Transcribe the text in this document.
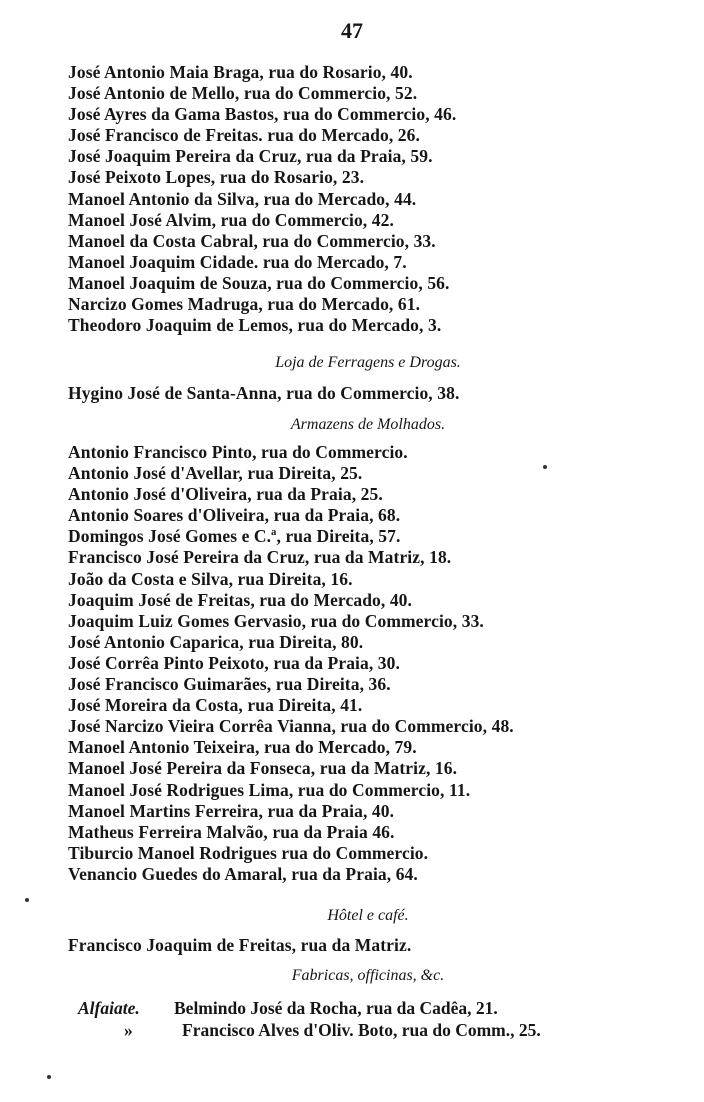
47
José Antonio Maia Braga, rua do Rosario, 40.
José Antonio de Mello, rua do Commercio, 52.
José Ayres da Gama Bastos, rua do Commercio, 46.
José Francisco de Freitas. rua do Mercado, 26.
José Joaquim Pereira da Cruz, rua da Praia, 59.
José Peixoto Lopes, rua do Rosario, 23.
Manoel Antonio da Silva, rua do Mercado, 44.
Manoel José Alvim, rua do Commercio, 42.
Manoel da Costa Cabral, rua do Commercio, 33.
Manoel Joaquim Cidade. rua do Mercado, 7.
Manoel Joaquim de Souza, rua do Commercio, 56.
Narcizo Gomes Madruga, rua do Mercado, 61.
Theodoro Joaquim de Lemos, rua do Mercado, 3.
Loja de Ferragens e Drogas.
Hygino José de Santa-Anna, rua do Commercio, 38.
Armazens de Molhados.
Antonio Francisco Pinto, rua do Commercio.
Antonio José d'Avellar, rua Direita, 25.
Antonio José d'Oliveira, rua da Praia, 25.
Antonio Soares d'Oliveira, rua da Praia, 68.
Domingos José Gomes e C.ª, rua Direita, 57.
Francisco José Pereira da Cruz, rua da Matriz, 18.
João da Costa e Silva, rua Direita, 16.
Joaquim José de Freitas, rua do Mercado, 40.
Joaquim Luiz Gomes Gervasio, rua do Commercio, 33.
José Antonio Caparica, rua Direita, 80.
José Corrêa Pinto Peixoto, rua da Praia, 30.
José Francisco Guimarães, rua Direita, 36.
José Moreira da Costa, rua Direita, 41.
José Narcizo Vieira Corrêa Vianna, rua do Commercio, 48.
Manoel Antonio Teixeira, rua do Mercado, 79.
Manoel José Pereira da Fonseca, rua da Matriz, 16.
Manoel José Rodrigues Lima, rua do Commercio, 11.
Manoel Martins Ferreira, rua da Praia, 40.
Matheus Ferreira Malvão, rua da Praia 46.
Tiburcio Manoel Rodrigues rua do Commercio.
Venancio Guedes do Amaral, rua da Praia, 64.
Hôtel e café.
Francisco Joaquim de Freitas, rua da Matriz.
Fabricas, officinas, &c.
Alfaiate. Belmindo José da Rocha, rua da Cadêa, 21.
»	Francisco Alves d'Oliv. Boto, rua do Comm., 25.
